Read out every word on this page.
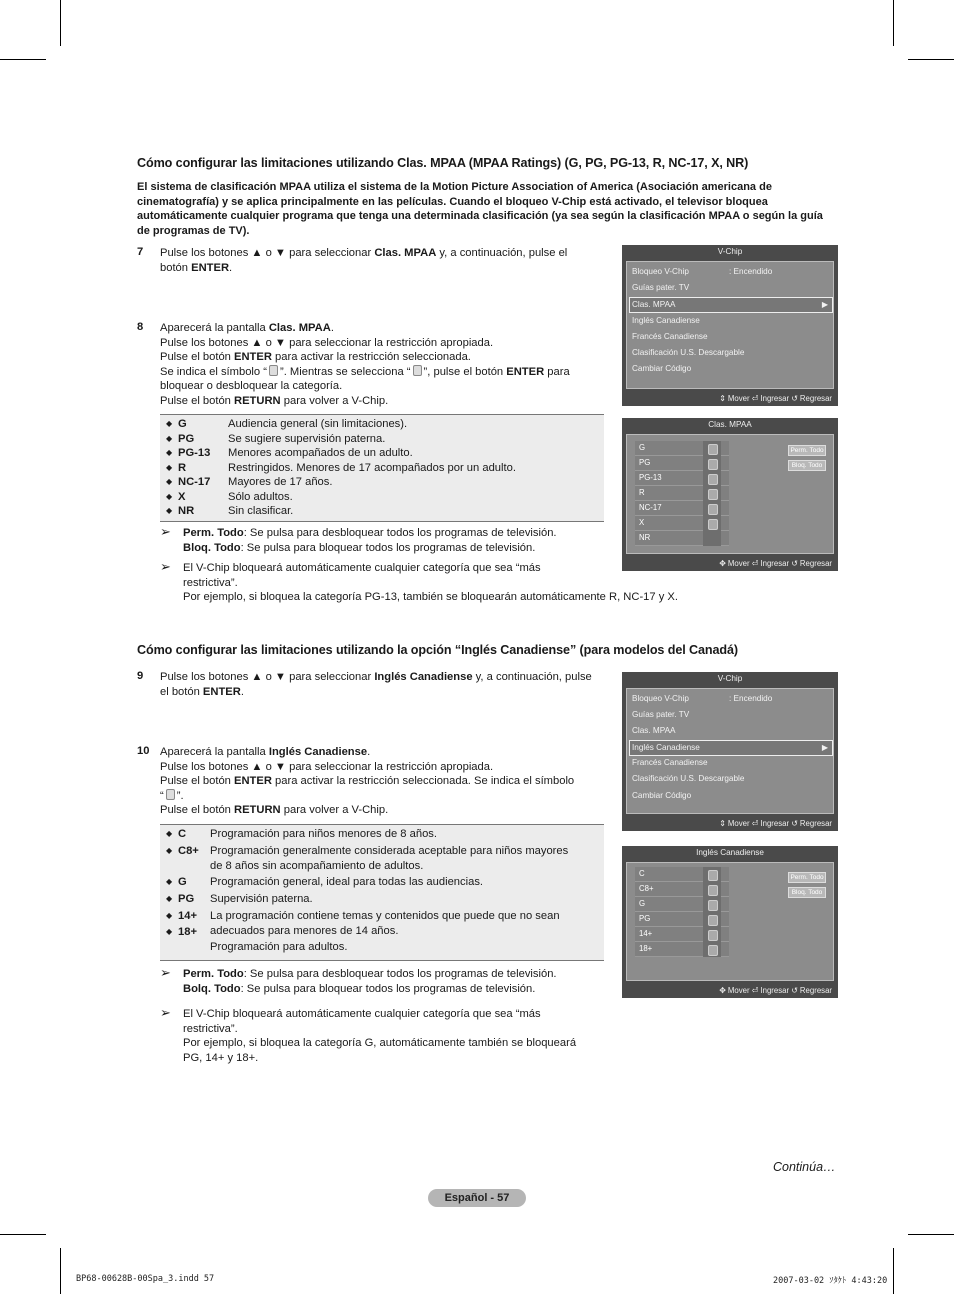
Cómo configurar las limitaciones utilizando Clas. MPAA (MPAA Ratings) (G, PG, PG-13, R, NC-17, X, NR)
El sistema de clasificación MPAA utiliza el sistema de la Motion Picture Association of America (Asociación americana de cinematografía) y se aplica principalmente en las películas. Cuando el bloqueo V-Chip está activado, el televisor bloquea automáticamente cualquier programa que tenga una determinada clasificación (ya sea según la clasificación MPAA o según la guía de programas de TV).
7 Pulse los botones ▲ o ▼ para seleccionar Clas. MPAA y, a continuación, pulse el
botón ENTER.
8 Aparecerá la pantalla Clas. MPAA.
Pulse los botones ▲ o ▼ para seleccionar la restricción apropiada.
Pulse el botón ENTER para activar la restricción seleccionada.
Se indica el símbolo “ ”. Mientras se selecciona “ ”, pulse el botón ENTER para
bloquear o desbloquear la categoría.
Pulse el botón RETURN para volver a V-Chip.
◆ G	Audiencia general (sin limitaciones).
◆ PG	Se sugiere supervisión paterna.
◆ PG-13 Menores acompañados de un adulto.
◆ R	Restringidos. Menores de 17 acompañados por un adulto.
◆ NC-17 Mayores de 17 años.
◆ X	Sólo adultos.
◆ NR	Sin clasificar.
➢ Perm. Todo: Se pulsa para desbloquear todos los programas de televisión.
Bloq. Todo: Se pulsa para bloquear todos los programas de televisión.
➢ El V-Chip bloqueará automáticamente cualquier categoría que sea “más
restrictiva”.
Por ejemplo, si bloquea la categoría PG-13, también se bloquearán automáticamente R, NC-17 y X.
V-Chip
Bloqueo V-Chip	: Encendido
Guías pater. TV
Clas. MPAA	▶
Inglés Canadiense
Francés Canadiense
Clasificación U.S. Descargable
Cambiar Código
⇕ Mover ⏎ Ingresar ↺ Regresar
Clas. MPAA
G
PG
PG-13
R
NC-17
X
NR
Perm. Todo
Bloq. Todo
✥ Mover ⏎ Ingresar ↺ Regresar
Cómo configurar las limitaciones utilizando la opción “Inglés Canadiense” (para modelos del Canadá)
9 Pulse los botones ▲ o ▼ para seleccionar Inglés Canadiense y, a continuación, pulse
el botón ENTER.
10 Aparecerá la pantalla Inglés Canadiense.
Pulse los botones ▲ o ▼ para seleccionar la restricción apropiada.
Pulse el botón ENTER para activar la restricción seleccionada. Se indica el símbolo
“ ”.
Pulse el botón RETURN para volver a V-Chip.
◆ C Programación para niños menores de 8 años.
◆ C8+ Programación generalmente considerada aceptable para niños mayores
de 8 años sin acompañamiento de adultos.
◆ G Programación general, ideal para todas las audiencias.
◆ PG Supervisión paterna.
◆ 14+ La programación contiene temas y contenidos que puede que no sean
adecuados para menores de 14 años.
◆ 18+
Programación para adultos.
➢ Perm. Todo: Se pulsa para desbloquear todos los programas de televisión.
Bolq. Todo: Se pulsa para bloquear todos los programas de televisión.
➢ El V-Chip bloqueará automáticamente cualquier categoría que sea “más
restrictiva”.
Por ejemplo, si bloquea la categoría G, automáticamente también se bloqueará
PG, 14+ y 18+.
V-Chip
Bloqueo V-Chip	: Encendido
Guías pater. TV
Clas. MPAA
Inglés Canadiense	▶
Francés Canadiense
Clasificación U.S. Descargable
Cambiar Código
⇕ Mover ⏎ Ingresar ↺ Regresar
Inglés Canadiense
C
C8+
G
PG
14+
18+
Perm. Todo
Bloq. Todo
✥ Mover ⏎ Ingresar ↺ Regresar
Continúa…
Español - 57
BP68-00628B-00Spa_3.indd 57	2007-03-02 ｿﾀｹﾄ 4:43:20
